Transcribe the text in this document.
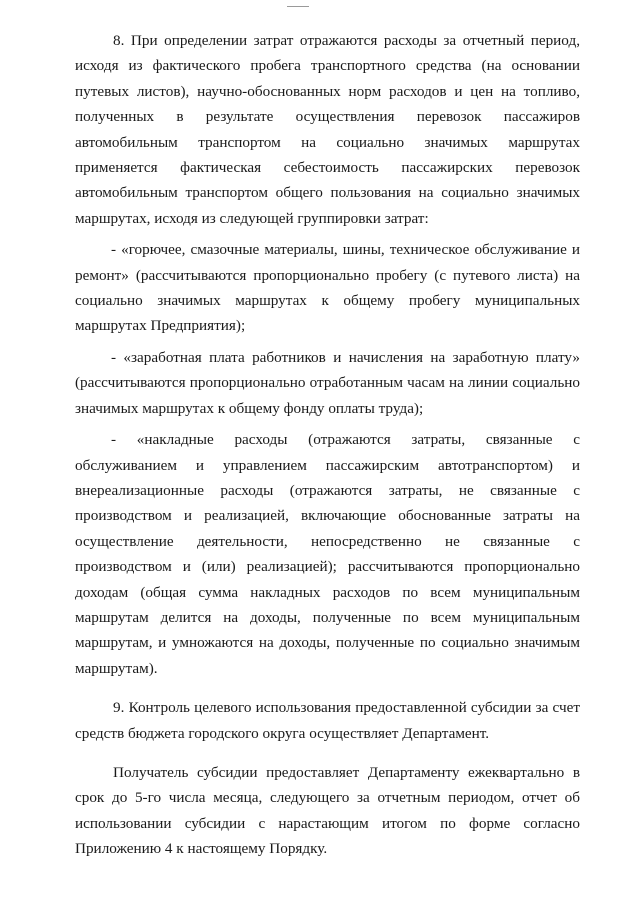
8. При определении затрат отражаются расходы за отчетный период, исходя из фактического пробега транспортного средства (на основании путевых листов), научно-обоснованных норм расходов и цен на топливо, полученных в результате осуществления перевозок пассажиров автомобильным транспортом на социально значимых маршрутах применяется фактическая себестоимость пассажирских перевозок автомобильным транспортом общего пользования на социально значимых маршрутах, исходя из следующей группировки затрат:

- «горючее, смазочные материалы, шины, техническое обслуживание и ремонт» (рассчитываются пропорционально пробегу (с путевого листа) на социально значимых маршрутах к общему пробегу муниципальных маршрутах Предприятия);

- «заработная плата работников и начисления на заработную плату» (рассчитываются пропорционально отработанным часам на линии социально значимых маршрутах к общему фонду оплаты труда);

- «накладные расходы (отражаются затраты, связанные с обслуживанием и управлением пассажирским автотранспортом) и внереализационные расходы (отражаются затраты, не связанные с производством и реализацией, включающие обоснованные затраты на осуществление деятельности, непосредственно не связанные с производством и (или) реализацией); рассчитываются пропорционально доходам (общая сумма накладных расходов по всем муниципальным маршрутам делится на доходы, полученные по всем муниципальным маршрутам, и умножаются на доходы, полученные по социально значимым маршрутам).

9. Контроль целевого использования предоставленной субсидии за счет средств бюджета городского округа осуществляет Департамент.

Получатель субсидии предоставляет Департаменту ежеквартально в срок до 5-го числа месяца, следующего за отчетным периодом, отчет об использовании субсидии с нарастающим итогом по форме согласно Приложению 4 к настоящему Порядку.
